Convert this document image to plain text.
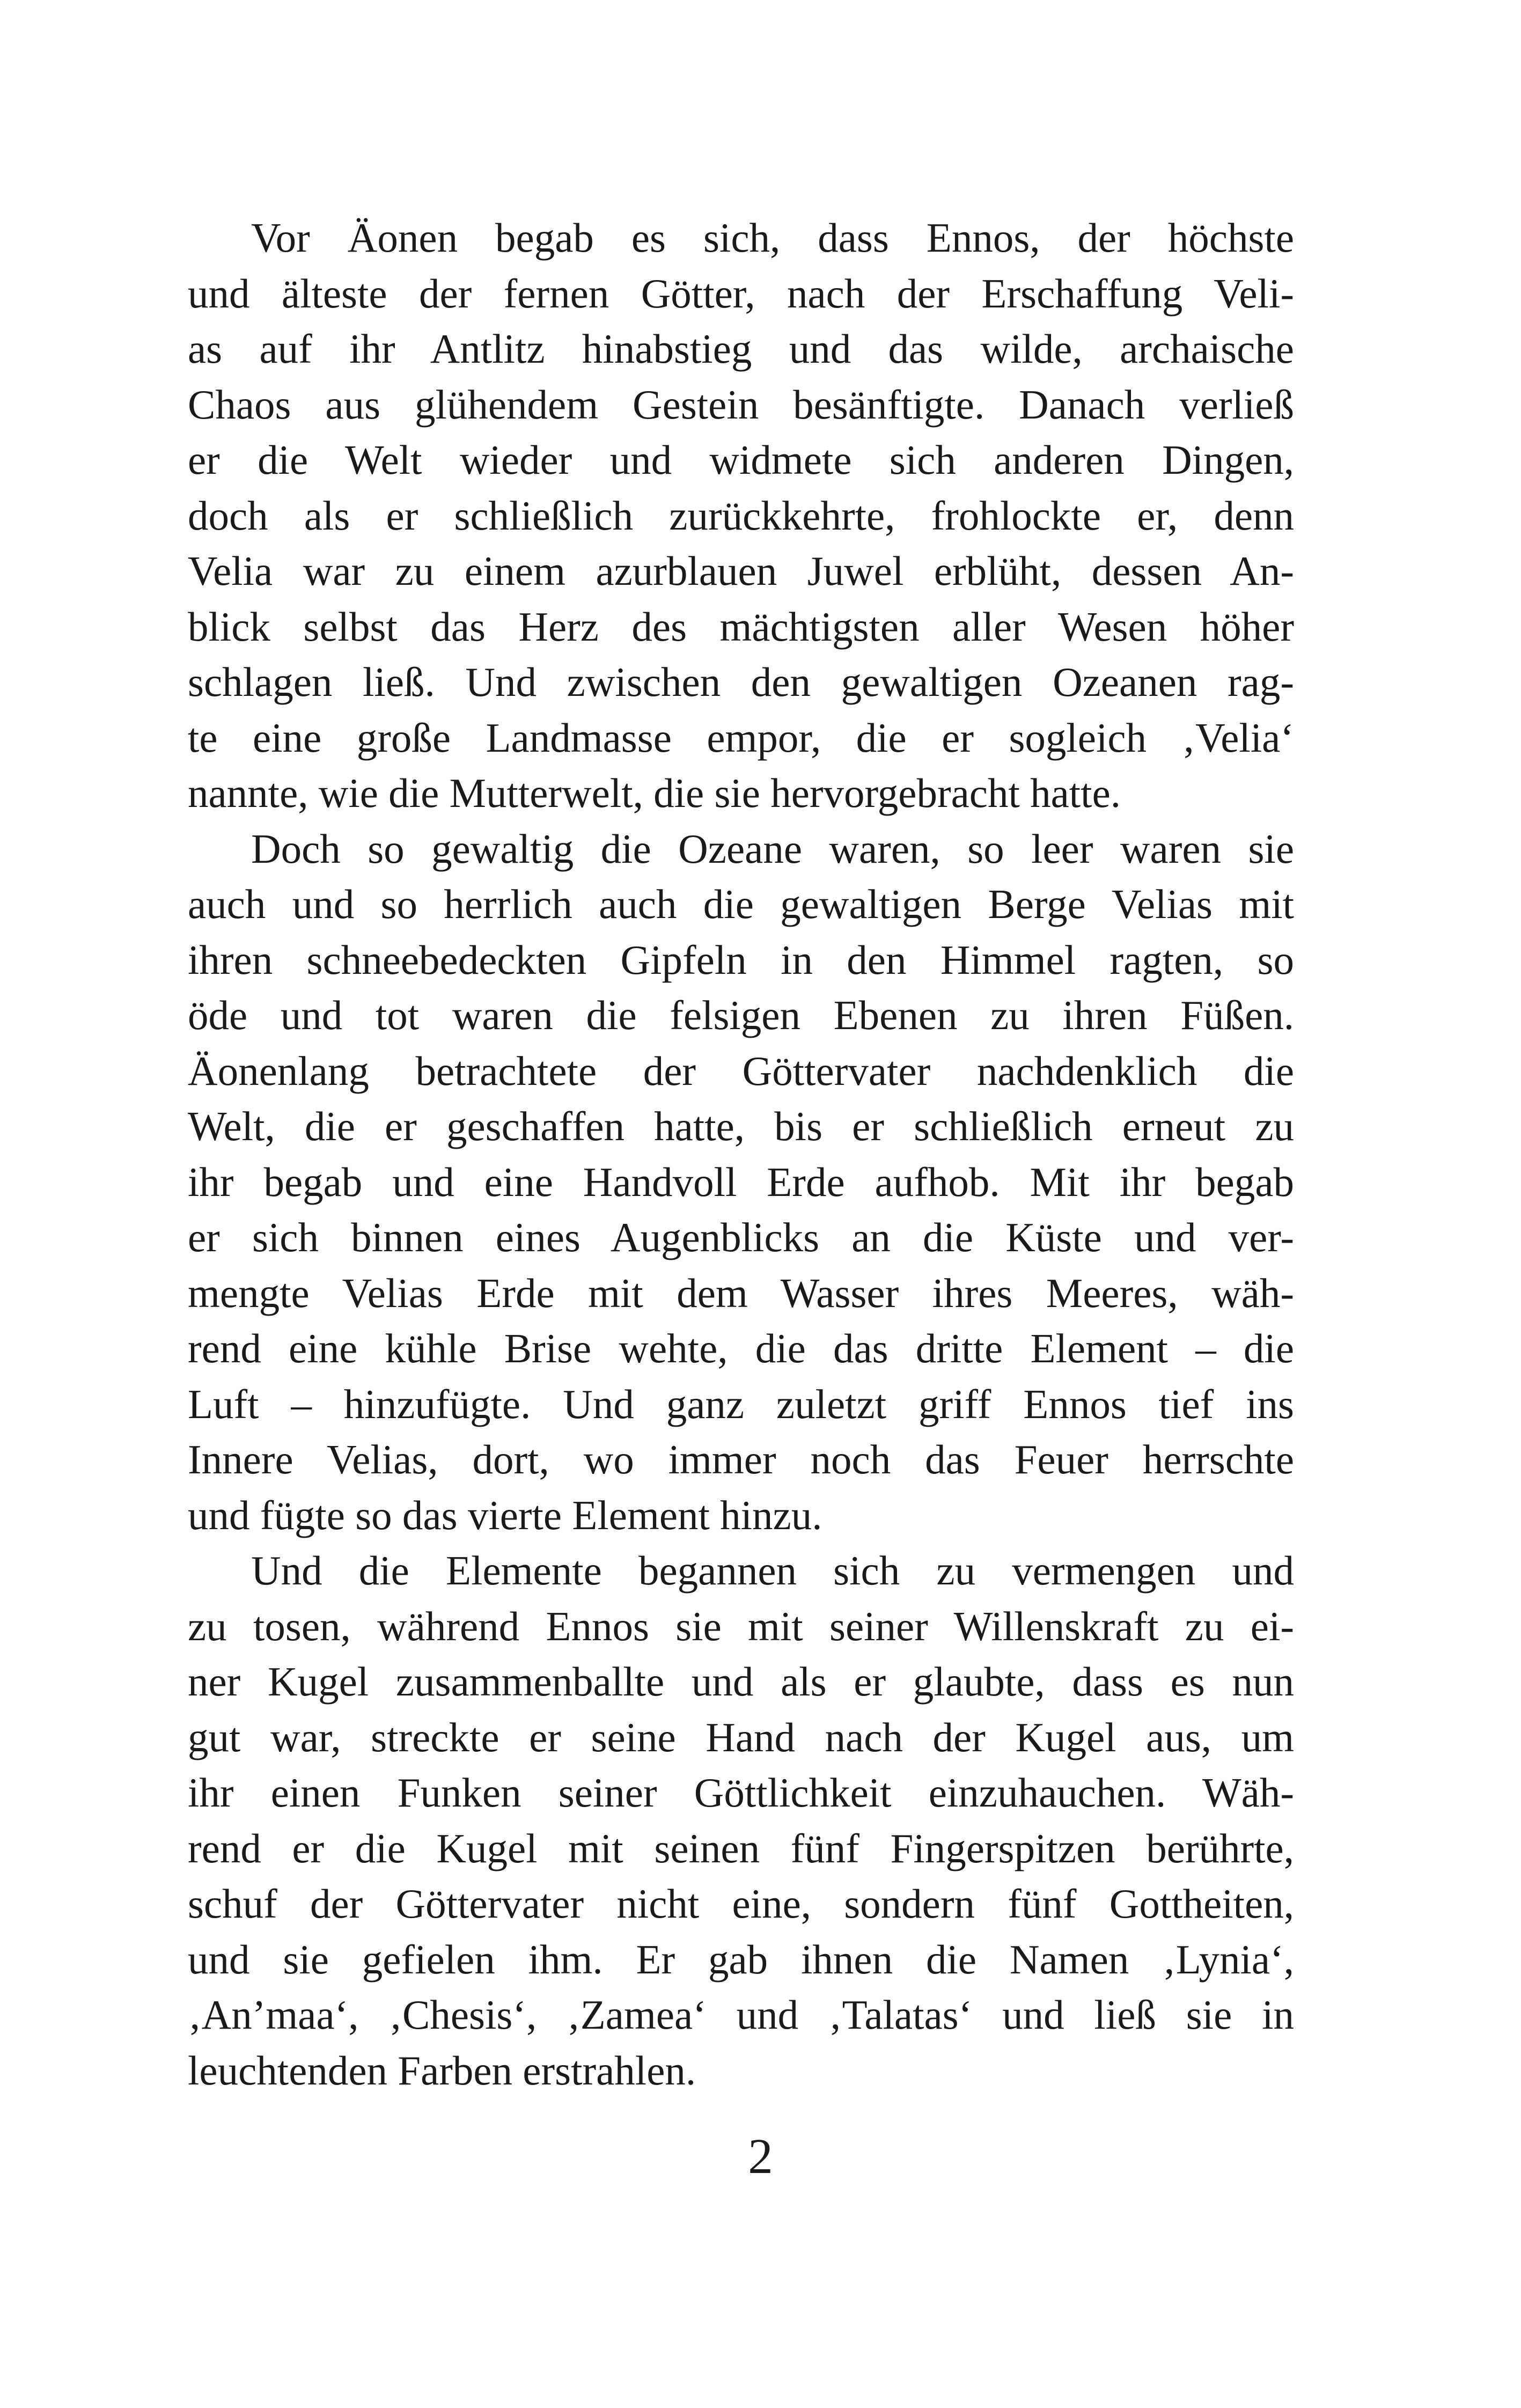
Vor Äonen begab es sich, dass Ennos, der höchste
und älteste der fernen Götter, nach der Erschaffung Veli-
as auf ihr Antlitz hinabstieg und das wilde, archaische
Chaos aus glühendem Gestein besänftigte. Danach verließ
er die Welt wieder und widmete sich anderen Dingen,
doch als er schließlich zurückkehrte, frohlockte er, denn
Velia war zu einem azurblauen Juwel erblüht, dessen An-
blick selbst das Herz des mächtigsten aller Wesen höher
schlagen ließ. Und zwischen den gewaltigen Ozeanen rag-
te eine große Landmasse empor, die er sogleich ‚Velia‘
nannte, wie die Mutterwelt, die sie hervorgebracht hatte.
Doch so gewaltig die Ozeane waren, so leer waren sie
auch und so herrlich auch die gewaltigen Berge Velias mit
ihren schneebedeckten Gipfeln in den Himmel ragten, so
öde und tot waren die felsigen Ebenen zu ihren Füßen.
Äonenlang betrachtete der Göttervater nachdenklich die
Welt, die er geschaffen hatte, bis er schließlich erneut zu
ihr begab und eine Handvoll Erde aufhob. Mit ihr begab
er sich binnen eines Augenblicks an die Küste und ver-
mengte Velias Erde mit dem Wasser ihres Meeres, wäh-
rend eine kühle Brise wehte, die das dritte Element – die
Luft – hinzufügte. Und ganz zuletzt griff Ennos tief ins
Innere Velias, dort, wo immer noch das Feuer herrschte
und fügte so das vierte Element hinzu.
Und die Elemente begannen sich zu vermengen und
zu tosen, während Ennos sie mit seiner Willenskraft zu ei-
ner Kugel zusammenballte und als er glaubte, dass es nun
gut war, streckte er seine Hand nach der Kugel aus, um
ihr einen Funken seiner Göttlichkeit einzuhauchen. Wäh-
rend er die Kugel mit seinen fünf Fingerspitzen berührte,
schuf der Göttervater nicht eine, sondern fünf Gottheiten,
und sie gefielen ihm. Er gab ihnen die Namen ‚Lynia‘,
‚An’maa‘, ‚Chesis‘, ‚Zamea‘ und ‚Talatas‘ und ließ sie in
leuchtenden Farben erstrahlen.
2
